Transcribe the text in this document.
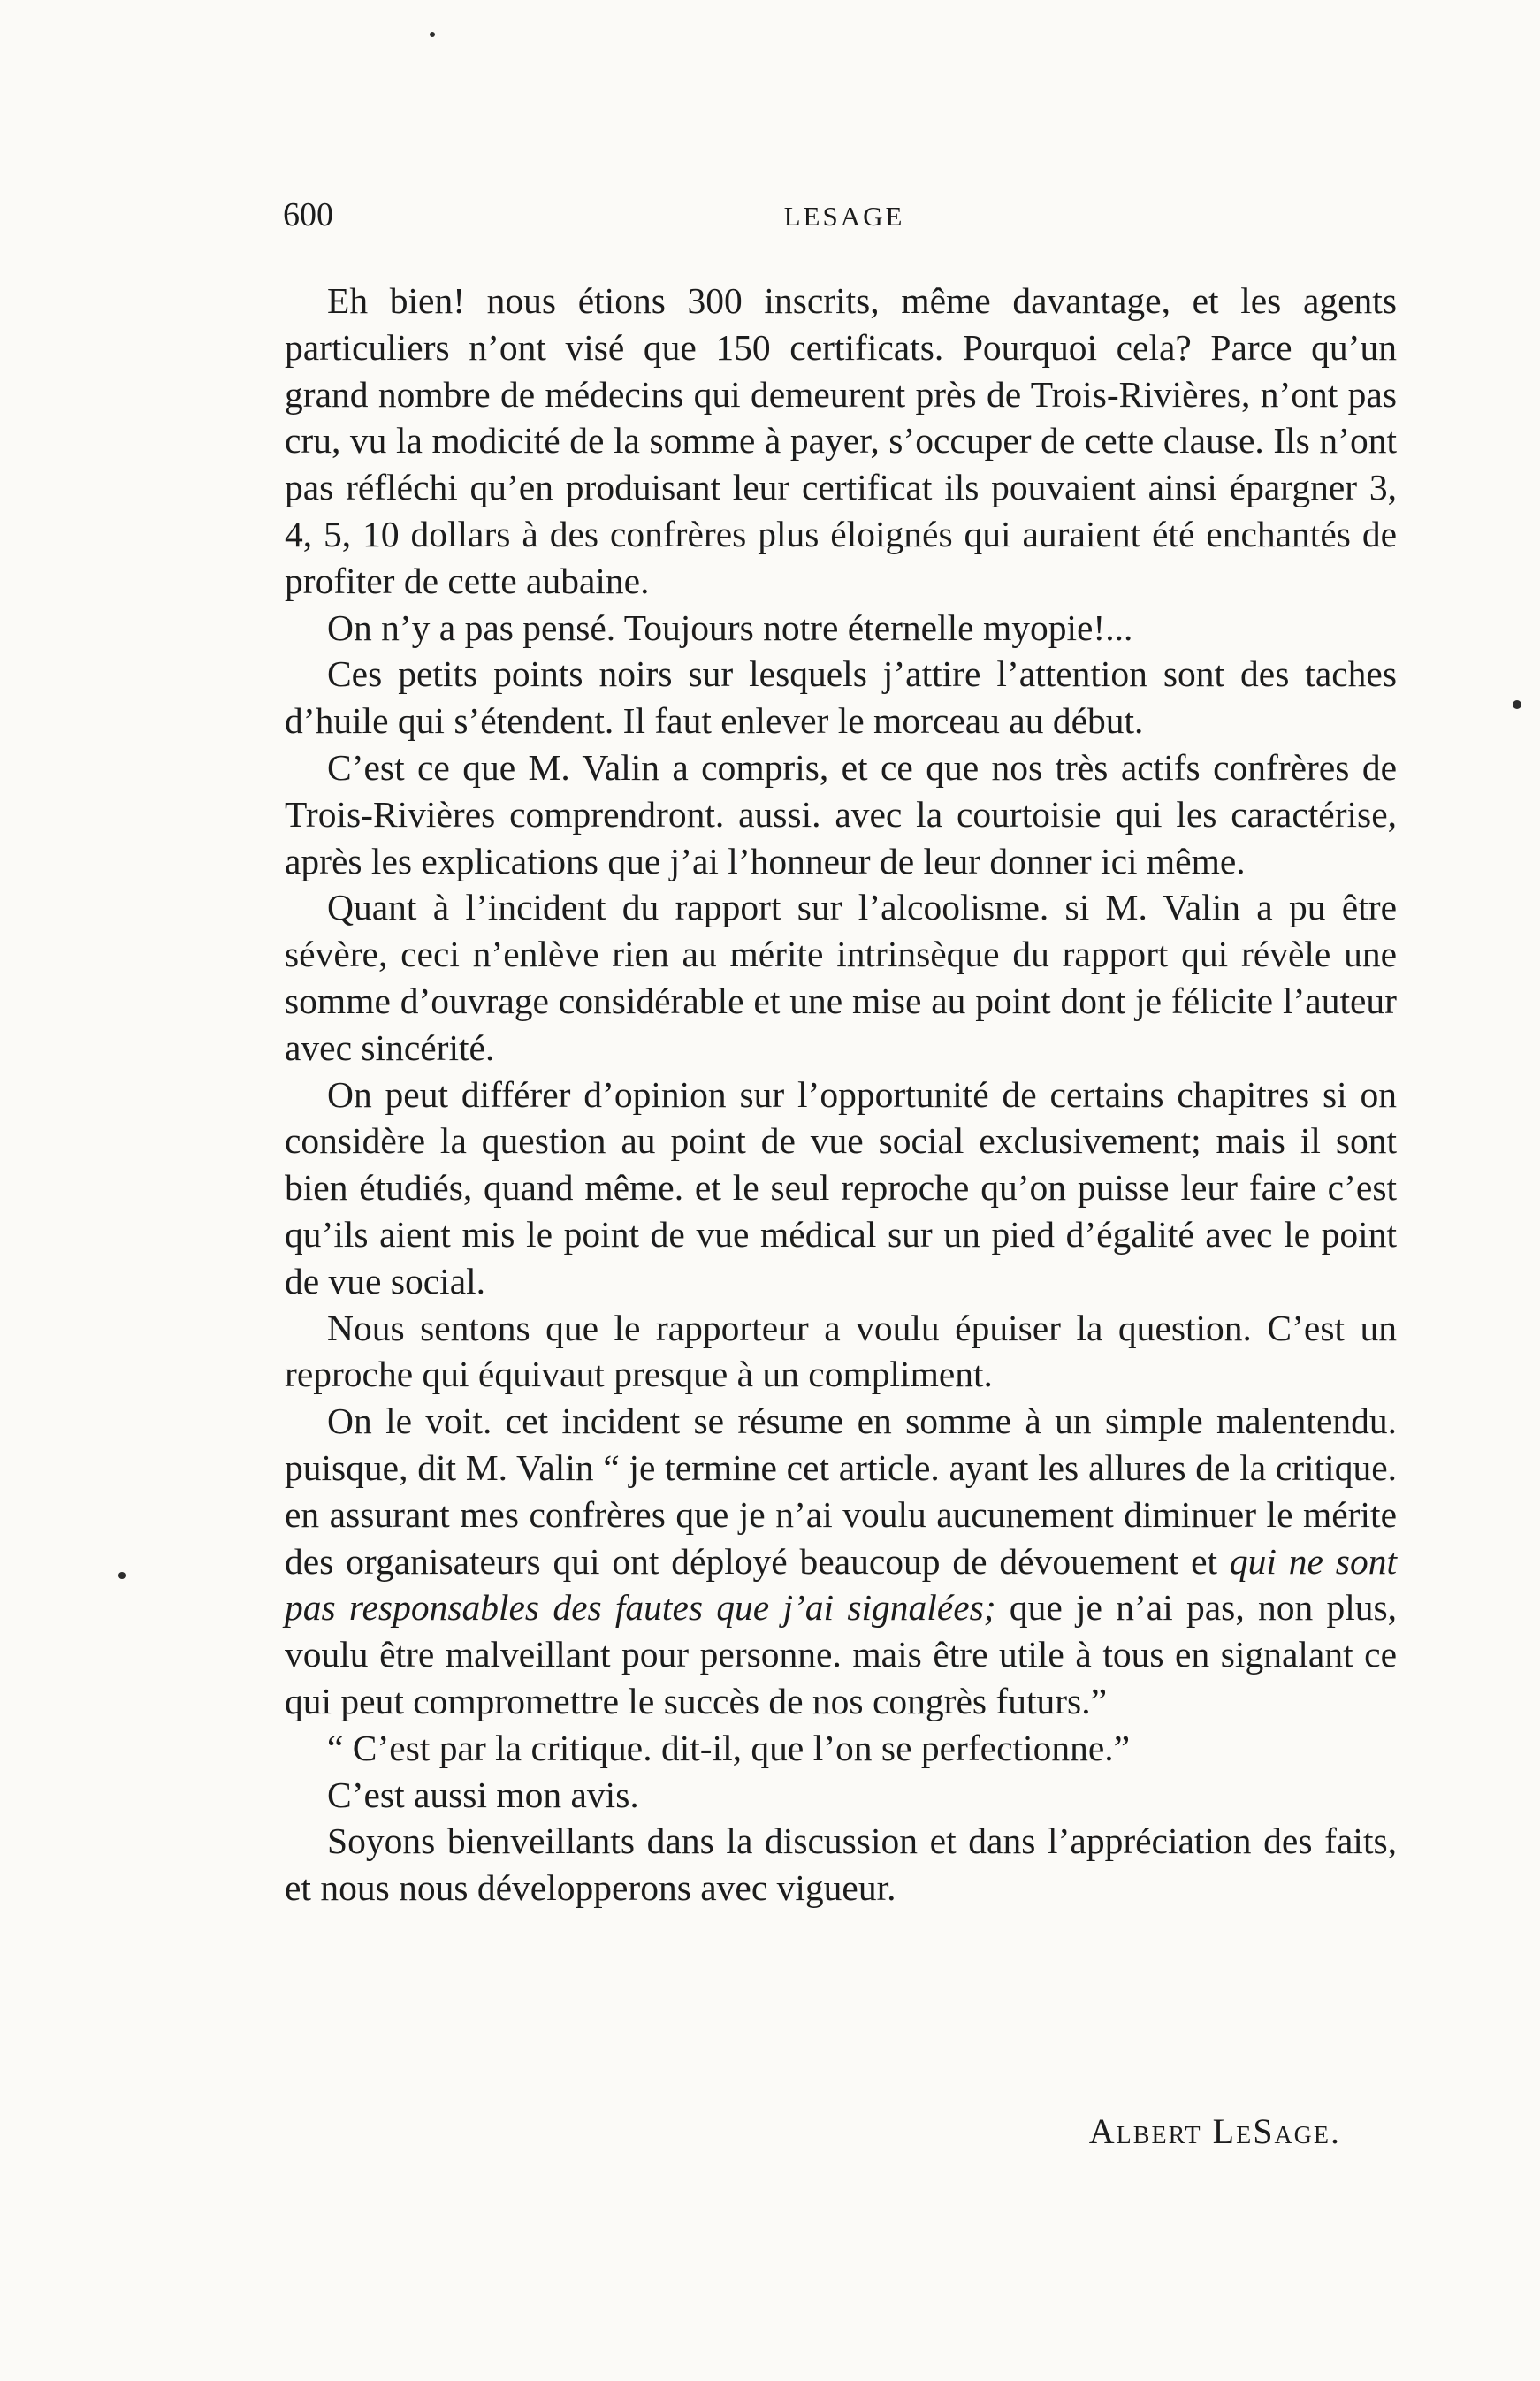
600	LESAGE

Eh bien! nous étions 300 inscrits, même davantage, et les agents particuliers n’ont visé que 150 certificats. Pourquoi cela? Parce qu’un grand nombre de médecins qui demeurent près de Trois-Rivières, n’ont pas cru, vu la modicité de la somme à payer, s’occuper de cette clause. Ils n’ont pas réfléchi qu’en produisant leur certificat ils pouvaient ainsi épargner 3, 4, 5, 10 dollars à des confrères plus éloignés qui auraient été enchantés de profiter de cette aubaine.

On n’y a pas pensé. Toujours notre éternelle myopie!...

Ces petits points noirs sur lesquels j’attire l’attention sont des taches d’huile qui s’étendent. Il faut enlever le morceau au début.

C’est ce que M. Valin a compris, et ce que nos très actifs confrères de Trois-Rivières comprendront. aussi. avec la courtoisie qui les caractérise, après les explications que j’ai l’honneur de leur donner ici même.

Quant à l’incident du rapport sur l’alcoolisme. si M. Valin a pu être sévère, ceci n’enlève rien au mérite intrinsèque du rapport qui révèle une somme d’ouvrage considérable et une mise au point dont je félicite l’auteur avec sincérité.

On peut différer d’opinion sur l’opportunité de certains chapitres si on considère la question au point de vue social exclusivement; mais il sont bien étudiés, quand même. et le seul reproche qu’on puisse leur faire c’est qu’ils aient mis le point de vue médical sur un pied d’égalité avec le point de vue social.

Nous sentons que le rapporteur a voulu épuiser la question. C’est un reproche qui équivaut presque à un compliment.

On le voit. cet incident se résume en somme à un simple malentendu. puisque, dit M. Valin “ je termine cet article. ayant les allures de la critique. en assurant mes confrères que je n’ai voulu aucunement diminuer le mérite des organisateurs qui ont déployé beaucoup de dévouement et qui ne sont pas responsables des fautes que j’ai signalées; que je n’ai pas, non plus, voulu être malveillant pour personne. mais être utile à tous en signalant ce qui peut compromettre le succès de nos congrès futurs.”

“ C’est par la critique. dit-il, que l’on se perfectionne.”

C’est aussi mon avis.

Soyons bienveillants dans la discussion et dans l’appréciation des faits, et nous nous développerons avec vigueur.

Albert LeSage.
